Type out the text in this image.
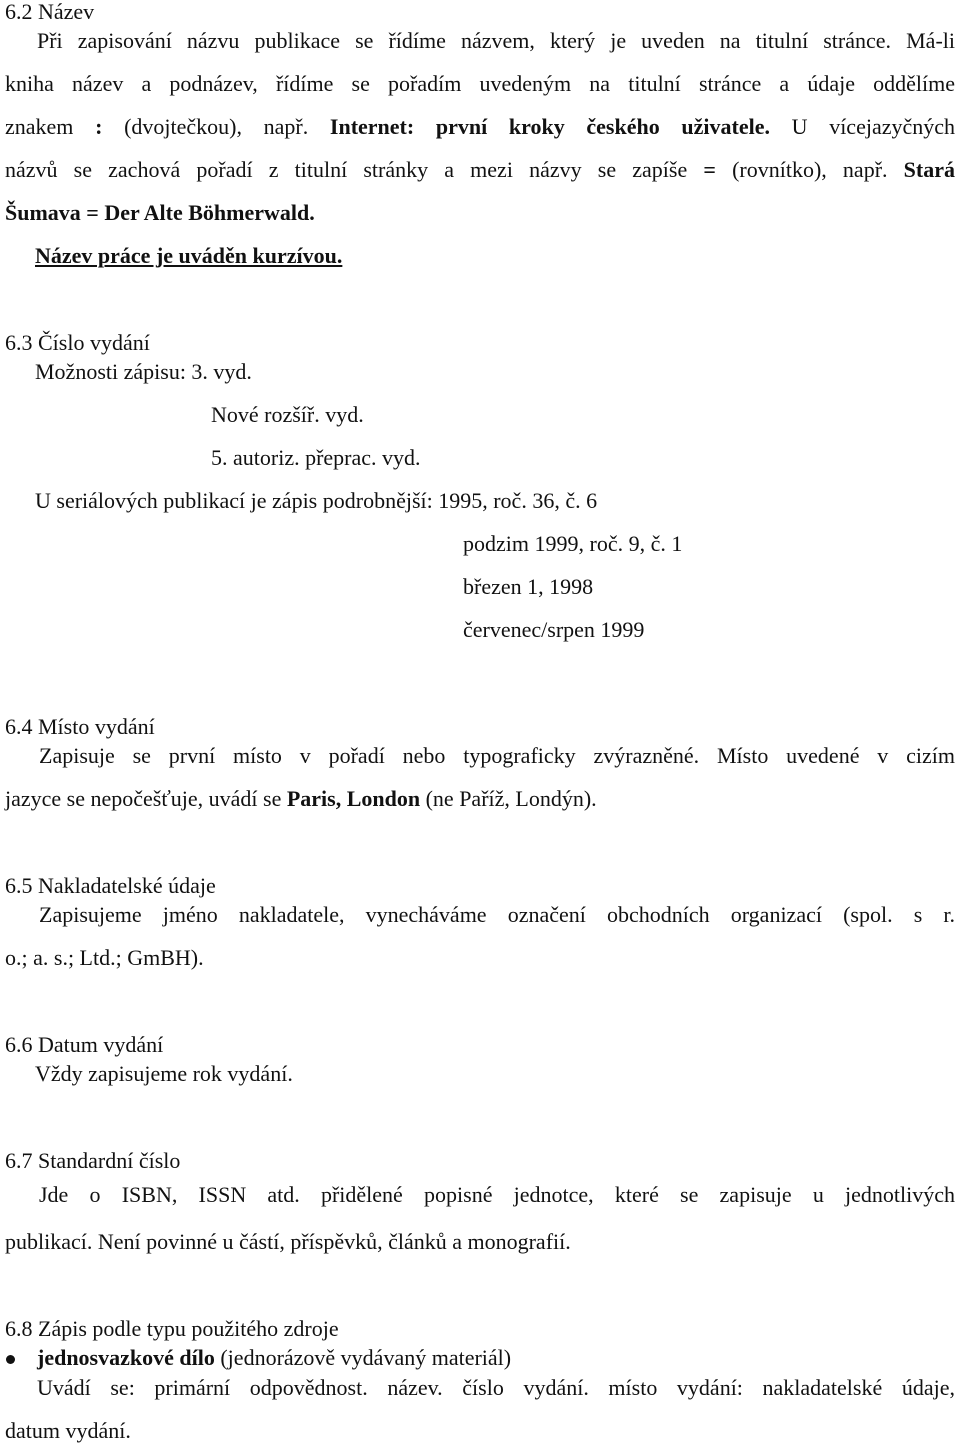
6.2 Název
Při zapisování názvu publikace se řídíme názvem, který je uveden na titulní stránce. Má-li
kniha název a podnázev, řídíme se pořadím uvedeným na titulní stránce a údaje oddělíme
znakem : (dvojtečkou), např. Internet: první kroky českého uživatele. U vícejazyčných
názvů se zachová pořadí z titulní stránky a mezi názvy se zapíše = (rovnítko), např. Stará
Šumava = Der Alte Böhmerwald.
Název práce je uváděn kurzívou.
6.3 Číslo vydání
Možnosti zápisu: 3. vyd.
Nové rozšíř. vyd.
5. autoriz. přeprac. vyd.
U seriálových publikací je zápis podrobnější: 1995, roč. 36, č. 6
podzim 1999, roč. 9, č. 1
březen 1, 1998
červenec/srpen 1999
6.4 Místo vydání
Zapisuje se první místo v pořadí nebo typograficky zvýrazněné. Místo uvedené v cizím
jazyce se nepočešťuje, uvádí se Paris, London (ne Paříž, Londýn).
6.5 Nakladatelské údaje
Zapisujeme jméno nakladatele, vynecháváme označení obchodních organizací (spol. s r.
o.; a. s.; Ltd.; GmBH).
6.6 Datum vydání
Vždy zapisujeme rok vydání.
6.7 Standardní číslo
Jde o ISBN, ISSN atd. přidělené popisné jednotce, které se zapisuje u jednotlivých
publikací. Není povinné u částí, příspěvků, článků a monografií.
6.8 Zápis podle typu použitého zdroje
jednosvazkové dílo (jednorázově vydávaný materiál)
Uvádí se: primární odpovědnost. název. číslo vydání. místo vydání: nakladatelské údaje,
datum vydání.
